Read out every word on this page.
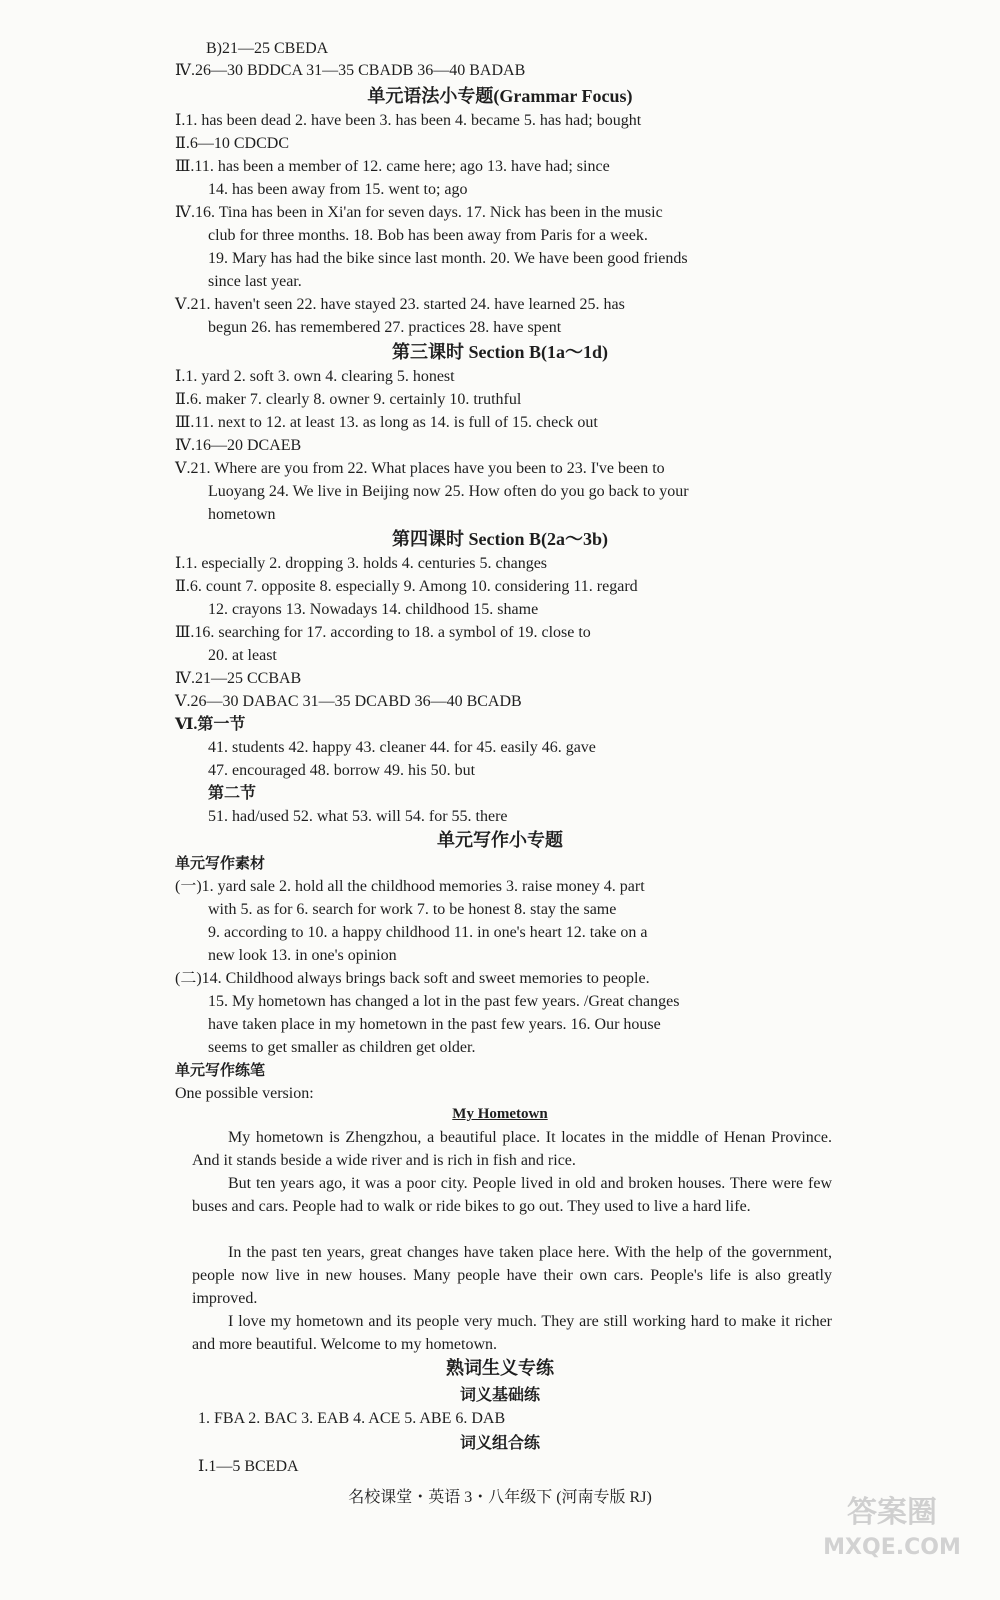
B)21—25 CBEDA
Ⅳ.26—30 BDDCA 31—35 CBADB 36—40 BADAB
单元语法小专题(Grammar Focus)
Ⅰ.1. has been dead 2. have been 3. has been 4. became 5. has had; bought
Ⅱ.6—10 CDCDC
Ⅲ.11. has been a member of 12. came here; ago 13. have had; since
14. has been away from 15. went to; ago
Ⅳ.16. Tina has been in Xi'an for seven days. 17. Nick has been in the music
club for three months. 18. Bob has been away from Paris for a week.
19. Mary has had the bike since last month. 20. We have been good friends
since last year.
Ⅴ.21. haven't seen 22. have stayed 23. started 24. have learned 25. has
begun 26. has remembered 27. practices 28. have spent
第三课时 Section B(1a～1d)
Ⅰ.1. yard 2. soft 3. own 4. clearing 5. honest
Ⅱ.6. maker 7. clearly 8. owner 9. certainly 10. truthful
Ⅲ.11. next to 12. at least 13. as long as 14. is full of 15. check out
Ⅳ.16—20 DCAEB
Ⅴ.21. Where are you from 22. What places have you been to 23. I've been to
Luoyang 24. We live in Beijing now 25. How often do you go back to your
hometown
第四课时 Section B(2a～3b)
Ⅰ.1. especially 2. dropping 3. holds 4. centuries 5. changes
Ⅱ.6. count 7. opposite 8. especially 9. Among 10. considering 11. regard
12. crayons 13. Nowadays 14. childhood 15. shame
Ⅲ.16. searching for 17. according to 18. a symbol of 19. close to
20. at least
Ⅳ.21—25 CCBAB
Ⅴ.26—30 DABAC 31—35 DCABD 36—40 BCADB
Ⅵ.第一节
41. students 42. happy 43. cleaner 44. for 45. easily 46. gave
47. encouraged 48. borrow 49. his 50. but
第二节
51. had/used 52. what 53. will 54. for 55. there
单元写作小专题
单元写作素材
(一)1. yard sale 2. hold all the childhood memories 3. raise money 4. part
with 5. as for 6. search for work 7. to be honest 8. stay the same
9. according to 10. a happy childhood 11. in one's heart 12. take on a
new look 13. in one's opinion
(二)14. Childhood always brings back soft and sweet memories to people.
15. My hometown has changed a lot in the past few years. /Great changes
have taken place in my hometown in the past few years. 16. Our house
seems to get smaller as children get older.
单元写作练笔
One possible version:
My Hometown
My hometown is Zhengzhou, a beautiful place. It locates in the middle of Henan Province. And it stands beside a wide river and is rich in fish and rice.
But ten years ago, it was a poor city. People lived in old and broken houses. There were few buses and cars. People had to walk or ride bikes to go out. They used to live a hard life.
In the past ten years, great changes have taken place here. With the help of the government, people now live in new houses. Many people have their own cars. People's life is also greatly improved.
I love my hometown and its people very much. They are still working hard to make it richer and more beautiful. Welcome to my hometown.
熟词生义专练
词义基础练
1. FBA 2. BAC 3. EAB 4. ACE 5. ABE 6. DAB
词义组合练
Ⅰ.1—5 BCEDA
名校课堂・英语 3・八年级下 (河南专版 RJ)	答案圈
MXQE.COM
